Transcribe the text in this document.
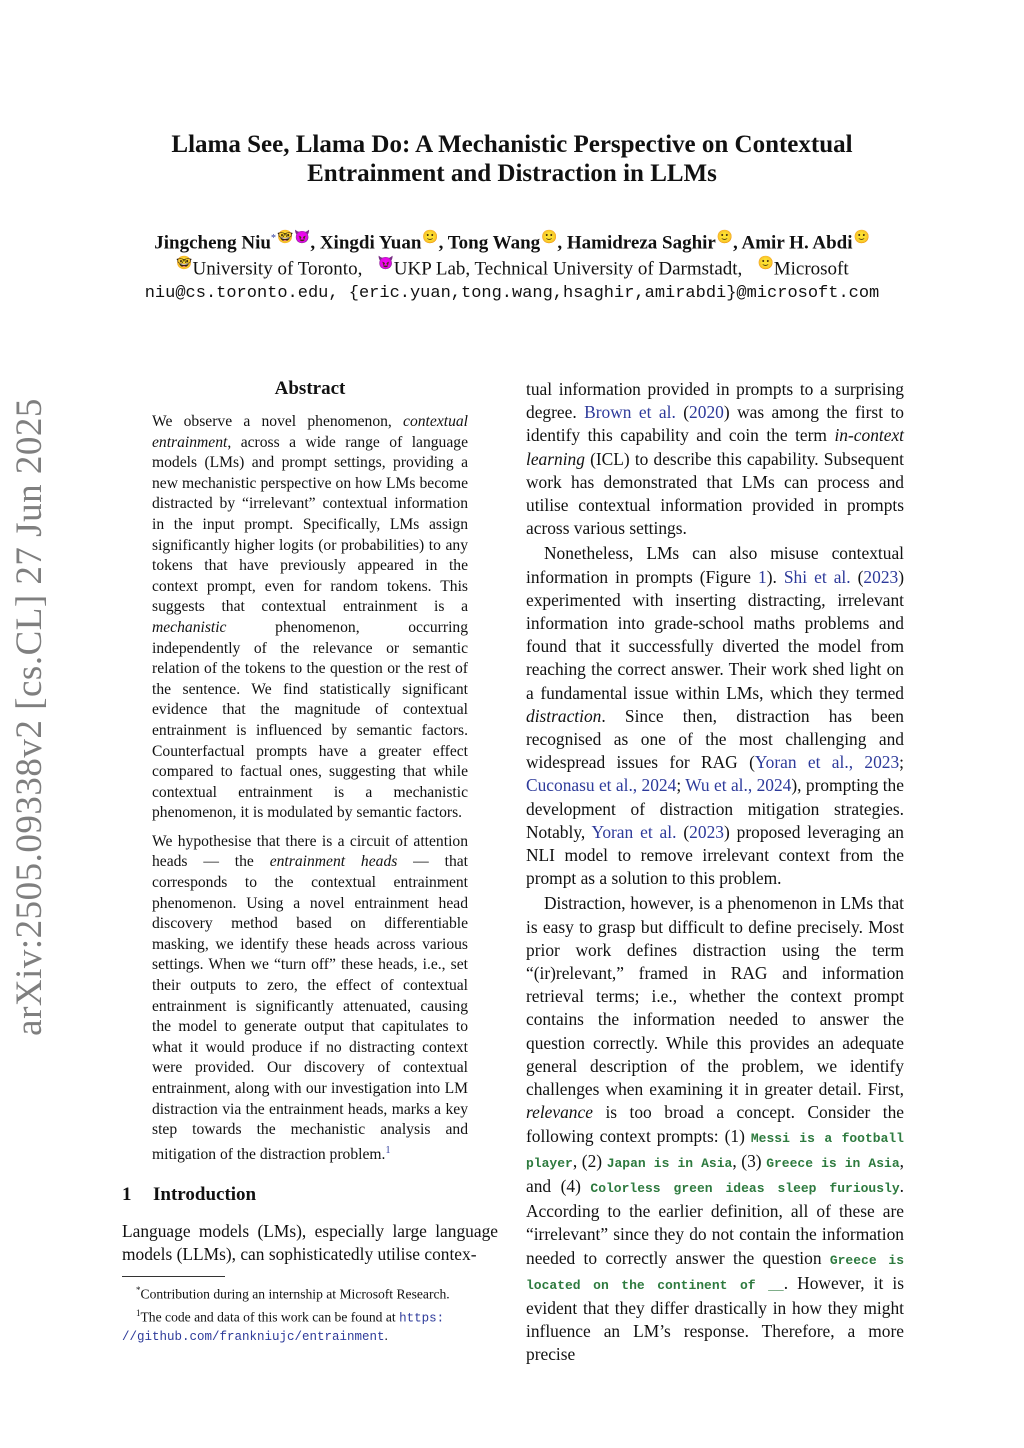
arXiv:2505.09338v2 [cs.CL] 27 Jun 2025
Llama See, Llama Do: A Mechanistic Perspective on Contextual
Entrainment and Distraction in LLMs
Jingcheng Niu*🤓😈, Xingdi Yuan🙂, Tong Wang🙂, Hamidreza Saghir🙂, Amir H. Abdi🙂
🤓University of Toronto, 😈UKP Lab, Technical University of Darmstadt, 🙂Microsoft
niu@cs.toronto.edu, {eric.yuan,tong.wang,hsaghir,amirabdi}@microsoft.com
Abstract

We observe a novel phenomenon, contextual entrainment, across a wide range of language models (LMs) and prompt settings, providing a new mechanistic perspective on how LMs become distracted by “irrelevant” contextual information in the input prompt. Specifically, LMs assign significantly higher logits (or probabilities) to any tokens that have previously appeared in the context prompt, even for random tokens. This suggests that contextual entrainment is a mechanistic phenomenon, occurring independently of the relevance or semantic relation of the tokens to the question or the rest of the sentence. We find statistically significant evidence that the magnitude of contextual entrainment is influenced by semantic factors. Counterfactual prompts have a greater effect compared to factual ones, suggesting that while contextual entrainment is a mechanistic phenomenon, it is modulated by semantic factors.

We hypothesise that there is a circuit of attention heads — the entrainment heads — that corresponds to the contextual entrainment phenomenon. Using a novel entrainment head discovery method based on differentiable masking, we identify these heads across various settings. When we “turn off” these heads, i.e., set their outputs to zero, the effect of contextual entrainment is significantly attenuated, causing the model to generate output that capitulates to what it would produce if no distracting context were provided. Our discovery of contextual entrainment, along with our investigation into LM distraction via the entrainment heads, marks a key step towards the mechanistic analysis and mitigation of the distraction problem.$^1$

1 Introduction

Language models (LMs), especially large language models (LLMs), can sophisticatedly utilise contex-

*Contribution during an internship at Microsoft Research.

$^1$The code and data of this work can be found at https:

//github.com/frankniujc/entrainment.

tual information provided in prompts to a surprising degree. Brown et al. (2020) was among the first to identify this capability and coin the term in-context learning (ICL) to describe this capability. Subsequent work has demonstrated that LMs can process and utilise contextual information provided in prompts across various settings.

Nonetheless, LMs can also misuse contextual information in prompts (Figure 1). Shi et al. (2023) experimented with inserting distracting, irrelevant information into grade-school maths problems and found that it successfully diverted the model from reaching the correct answer. Their work shed light on a fundamental issue within LMs, which they termed distraction. Since then, distraction has been recognised as one of the most challenging and widespread issues for RAG (Yoran et al., 2023; Cuconasu et al., 2024; Wu et al., 2024), prompting the development of distraction mitigation strategies. Notably, Yoran et al. (2023) proposed leveraging an NLI model to remove irrelevant context from the prompt as a solution to this problem.

Distraction, however, is a phenomenon in LMs that is easy to grasp but difficult to define precisely. Most prior work defines distraction using the term “(ir)relevant,” framed in RAG and information retrieval terms; i.e., whether the context prompt contains the information needed to answer the question correctly. While this provides an adequate general description of the problem, we identify challenges when examining it in greater detail. First, relevance is too broad a concept. Consider the following context prompts: (1) Messi is a football player, (2) Japan is in Asia, (3) Greece is in Asia, and (4) Colorless green ideas sleep furiously. According to the earlier definition, all of these are “irrelevant” since they do not contain the information needed to correctly answer the question Greece is located on the continent of __. However, it is evident that they differ drastically in how they might influence an LM’s response. Therefore, a more precise
